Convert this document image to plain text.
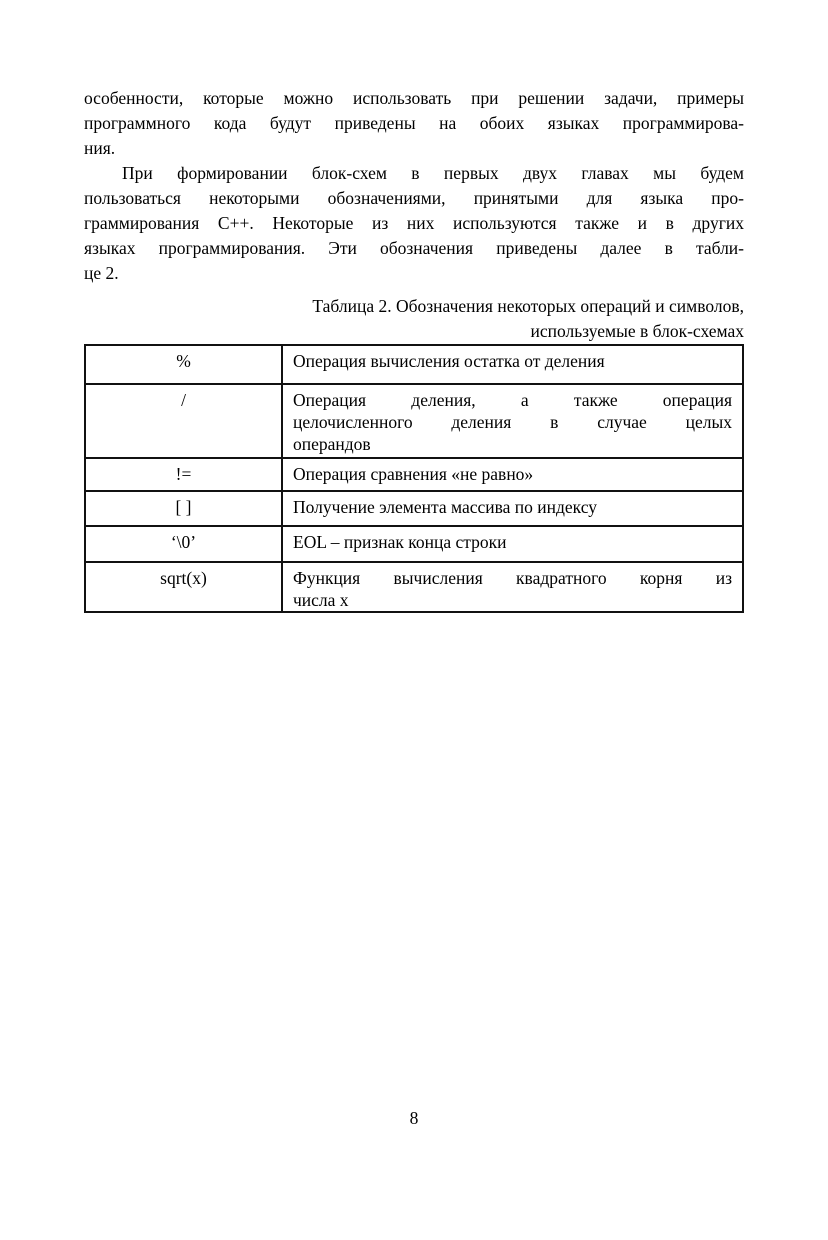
особенности, которые можно использовать при решении задачи, примеры
программного кода будут приведены на обоих языках программирова-
ния.
При формировании блок-схем в первых двух главах мы будем
пользоваться некоторыми обозначениями, принятыми для языка про-
граммирования C++. Некоторые из них используются также и в других
языках программирования. Эти обозначения приведены далее в табли-
це 2.
Таблица 2. Обозначения некоторых операций и символов,
используемые в блок-схемах
%	Операция вычисления остатка от деления
/	Операция деления, а также операция
целочисленного деления в случае целых
операндов
!=	Операция сравнения «не равно»
[ ]	Получение элемента массива по индексу
‘\0’	EOL – признак конца строки
sqrt(x)	Функция вычисления квадратного корня из
числа x
8
